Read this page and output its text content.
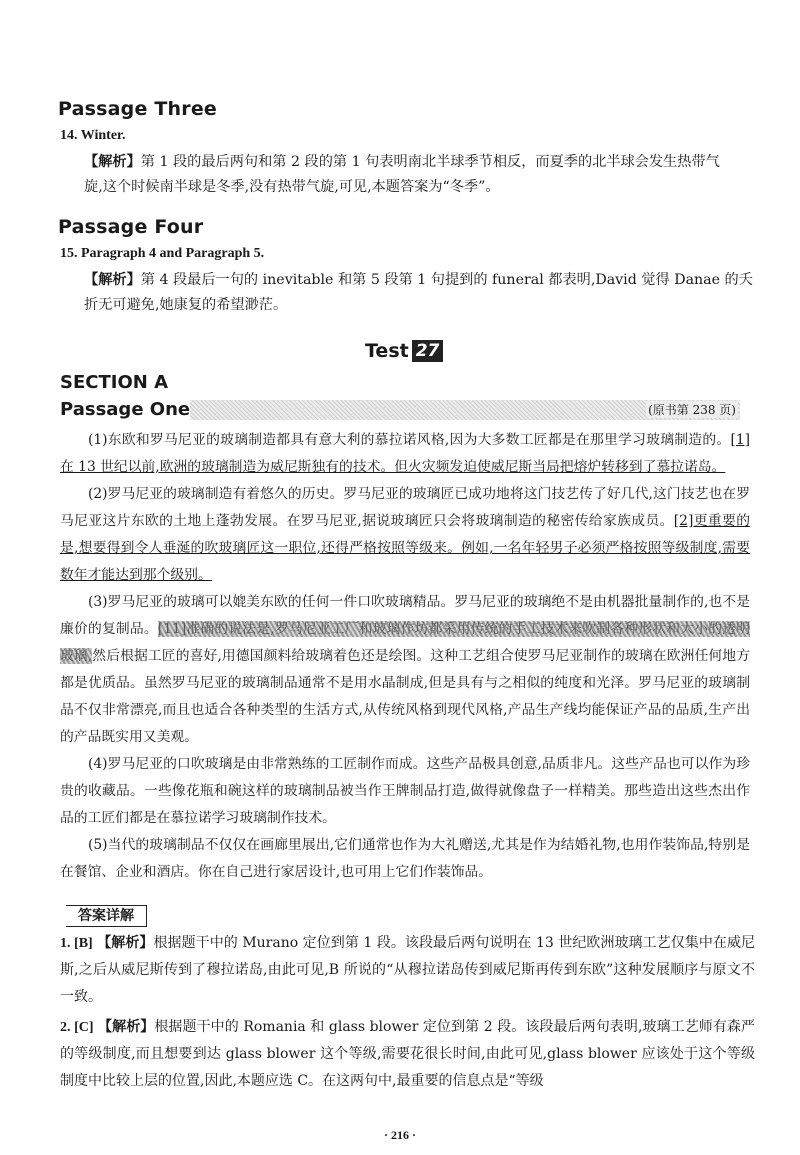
Passage Three
14. Winter.
【解析】第 1 段的最后两句和第 2 段的第 1 句表明南北半球季节相反，而夏季的北半球会发生热带气
旋,这个时候南半球是冬季,没有热带气旋,可见,本题答案为“冬季”。
Passage Four
15. Paragraph 4 and Paragraph 5.
【解析】第 4 段最后一句的 inevitable 和第 5 段第 1 句提到的 funeral 都表明,David 觉得 Danae 的夭
折无可避免,她康复的希望渺茫。
Test 27
SECTION A
Passage One	(原书第 238 页)

(1)东欧和罗马尼亚的玻璃制造都具有意大利的慕拉诺风格,因为大多数工匠都是在那里学习玻璃制造的。[1]在 13 世纪以前,欧洲的玻璃制造为威尼斯独有的技术。但火灾频发迫使威尼斯当局把熔炉转移到了慕拉诺岛。

(2)罗马尼亚的玻璃制造有着悠久的历史。罗马尼亚的玻璃匠已成功地将这门技艺传了好几代,这门技艺也在罗马尼亚这片东欧的土地上蓬勃发展。在罗马尼亚,据说玻璃匠只会将玻璃制造的秘密传给家族成员。[2]更重要的是,想要得到令人垂涎的吹玻璃匠这一职位,还得严格按照等级来。例如,一名年轻男子必须严格按照等级制度,需要数年才能达到那个级别。

(3)罗马尼亚的玻璃可以媲美东欧的任何一件口吹玻璃精品。罗马尼亚的玻璃绝不是由机器批量制作的,也不是廉价的复制品。[11]准确的说法是,罗马尼亚工厂和玻璃作坊都采用传统的手工技术来吹制各种形状和大小的透明玻璃,然后根据工匠的喜好,用德国颜料给玻璃着色还是绘图。这种工艺组合使罗马尼亚制作的玻璃在欧洲任何地方都是优质品。虽然罗马尼亚的玻璃制品通常不是用水晶制成,但是具有与之相似的纯度和光泽。罗马尼亚的玻璃制品不仅非常漂亮,而且也适合各种类型的生活方式,从传统风格到现代风格,产品生产线均能保证产品的品质,生产出的产品既实用又美观。

(4)罗马尼亚的口吹玻璃是由非常熟练的工匠制作而成。这些产品极具创意,品质非凡。这些产品也可以作为珍贵的收藏品。一些像花瓶和碗这样的玻璃制品被当作王牌制品打造,做得就像盘子一样精美。那些造出这些杰出作品的工匠们都是在慕拉诺学习玻璃制作技术。

(5)当代的玻璃制品不仅仅在画廊里展出,它们通常也作为大礼赠送,尤其是作为结婚礼物,也用作装饰品,特别是在餐馆、企业和酒店。你在自己进行家居设计,也可用上它们作装饰品。

答案详解
1. [B] 【解析】根据题干中的 Murano 定位到第 1 段。该段最后两句说明在 13 世纪欧洲玻璃工艺仅集中在威尼斯,之后从威尼斯传到了穆拉诺岛,由此可见,B 所说的“从穆拉诺岛传到威尼斯再传到东欧”这种发展顺序与原文不一致。
2. [C] 【解析】根据题干中的 Romania 和 glass blower 定位到第 2 段。该段最后两句表明,玻璃工艺师有森严的等级制度,而且想要到达 glass blower 这个等级,需要花很长时间,由此可见,glass blower 应该处于这个等级制度中比较上层的位置,因此,本题应选 C。在这两句中,最重要的信息点是“等级
· 216 ·
